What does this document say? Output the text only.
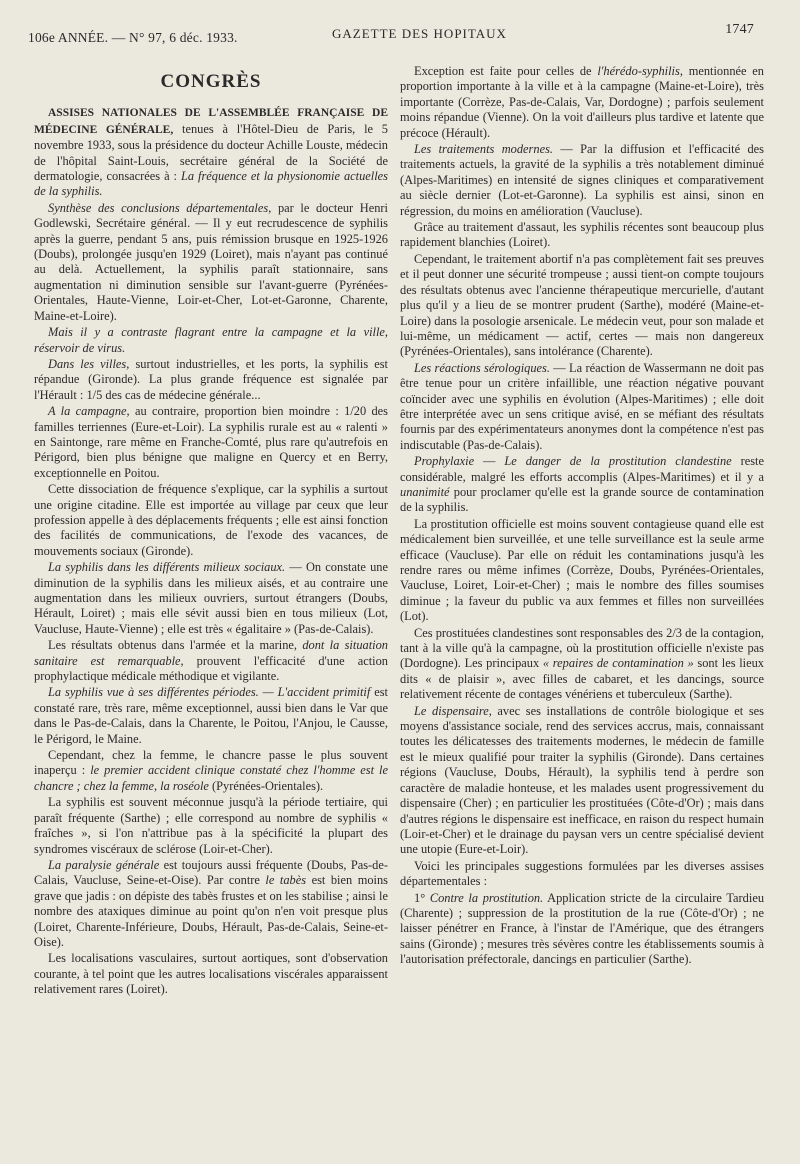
106e ANNÉE. — N° 97, 6 déc. 1933.	GAZETTE DES HOPITAUX	1747
CONGRÈS

ASSISES NATIONALES DE L'ASSEMBLÉE FRANÇAISE DE MÉDECINE GÉNÉRALE, tenues à l'Hôtel-Dieu de Paris, le 5 novembre 1933, sous la présidence du docteur Achille Louste, médecin de l'hôpital Saint-Louis, secrétaire général de la Société de dermatologie, consacrées à : La fréquence et la physionomie actuelles de la syphilis.

Synthèse des conclusions départementales, par le docteur Henri Godlewski, Secrétaire général. — Il y eut recrudescence de syphilis après la guerre, pendant 5 ans, puis rémission brusque en 1925-1926 (Doubs), prolongée jusqu'en 1929 (Loiret), mais n'ayant pas continué au delà. Actuellement, la syphilis paraît stationnaire, sans augmentation ni diminution sensible sur l'avant-guerre (Pyrénées-Orientales, Haute-Vienne, Loir-et-Cher, Lot-et-Garonne, Charente, Maine-et-Loire).

Mais il y a contraste flagrant entre la campagne et la ville, réservoir de virus.

Dans les villes, surtout industrielles, et les ports, la syphilis est répandue (Gironde). La plus grande fréquence est signalée par l'Hérault : 1/5 des cas de médecine générale...

A la campagne, au contraire, proportion bien moindre : 1/20 des familles terriennes (Eure-et-Loir). La syphilis rurale est au « ralenti » en Saintonge, rare même en Franche-Comté, plus rare qu'autrefois en Périgord, bien plus bénigne que maligne en Quercy et en Berry, exceptionnelle en Poitou.

Cette dissociation de fréquence s'explique, car la syphilis a surtout une origine citadine. Elle est importée au village par ceux que leur profession appelle à des déplacements fréquents ; elle est ainsi fonction des facilités de communications, de l'exode des vacances, de mouvements sociaux (Gironde).

La syphilis dans les différents milieux sociaux. — On constate une diminution de la syphilis dans les milieux aisés, et au contraire une augmentation dans les milieux ouvriers, surtout étrangers (Doubs, Hérault, Loiret) ; mais elle sévit aussi bien en tous milieux (Lot, Vaucluse, Haute-Vienne) ; elle est très « égalitaire » (Pas-de-Calais).

Les résultats obtenus dans l'armée et la marine, dont la situation sanitaire est remarquable, prouvent l'efficacité d'une action prophylactique médicale méthodique et vigilante.

La syphilis vue à ses différentes périodes. — L'accident primitif est constaté rare, très rare, même exceptionnel, aussi bien dans le Var que dans le Pas-de-Calais, dans la Charente, le Poitou, l'Anjou, le Causse, le Périgord, le Maine.

Cependant, chez la femme, le chancre passe le plus souvent inaperçu : le premier accident clinique constaté chez l'homme est le chancre ; chez la femme, la roséole (Pyrénées-Orientales).

La syphilis est souvent méconnue jusqu'à la période tertiaire, qui paraît fréquente (Sarthe) ; elle correspond au nombre de syphilis « fraîches », si l'on n'attribue pas à la spécificité la plupart des syndromes viscéraux de sclérose (Loir-et-Cher).

La paralysie générale est toujours aussi fréquente (Doubs, Pas-de-Calais, Vaucluse, Seine-et-Oise). Par contre le tabès est bien moins grave que jadis : on dépiste des tabès frustes et on les stabilise ; ainsi le nombre des ataxiques diminue au point qu'on n'en voit presque plus (Loiret, Charente-Inférieure, Doubs, Hérault, Pas-de-Calais, Seine-et-Oise).

Les localisations vasculaires, surtout aortiques, sont d'observation courante, à tel point que les autres localisations viscérales apparaissent relativement rares (Loiret).

Exception est faite pour celles de l'hérédo-syphilis, mentionnée en proportion importante à la ville et à la campagne (Maine-et-Loire), très importante (Corrèze, Pas-de-Calais, Var, Dordogne) ; parfois seulement moins répandue (Vienne). On la voit d'ailleurs plus tardive et latente que précoce (Hérault).

Les traitements modernes. — Par la diffusion et l'efficacité des traitements actuels, la gravité de la syphilis a très notablement diminué (Alpes-Maritimes) en intensité de signes cliniques et comparativement au siècle dernier (Lot-et-Garonne). La syphilis est ainsi, sinon en régression, du moins en amélioration (Vaucluse).

Grâce au traitement d'assaut, les syphilis récentes sont beaucoup plus rapidement blanchies (Loiret).

Cependant, le traitement abortif n'a pas complètement fait ses preuves et il peut donner une sécurité trompeuse ; aussi tient-on compte toujours des résultats obtenus avec l'ancienne thérapeutique mercurielle, d'autant plus qu'il y a lieu de se montrer prudent (Sarthe), modéré (Maine-et-Loire) dans la posologie arsenicale. Le médecin veut, pour son malade et lui-même, un médicament — actif, certes — mais non dangereux (Pyrénées-Orientales), sans intolérance (Charente).

Les réactions sérologiques. — La réaction de Wassermann ne doit pas être tenue pour un critère infaillible, une réaction négative pouvant coïncider avec une syphilis en évolution (Alpes-Maritimes) ; elle doit être interprétée avec un sens critique avisé, en se méfiant des résultats fournis par des expérimentateurs anonymes dont la compétence n'est pas indiscutable (Pas-de-Calais).

Prophylaxie — Le danger de la prostitution clandestine reste considérable, malgré les efforts accomplis (Alpes-Maritimes) et il y a unanimité pour proclamer qu'elle est la grande source de contamination de la syphilis.

La prostitution officielle est moins souvent contagieuse quand elle est médicalement bien surveillée, et une telle surveillance est la seule arme efficace (Vaucluse). Par elle on réduit les contaminations jusqu'à les rendre rares ou même infimes (Corrèze, Doubs, Pyrénées-Orientales, Vaucluse, Loiret, Loir-et-Cher) ; mais le nombre des filles soumises diminue ; la faveur du public va aux femmes et filles non surveillées (Lot).

Ces prostituées clandestines sont responsables des 2/3 de la contagion, tant à la ville qu'à la campagne, où la prostitution officielle n'existe pas (Dordogne). Les principaux « repaires de contamination » sont les lieux dits « de plaisir », avec filles de cabaret, et les dancings, source relativement récente de contages vénériens et tuberculeux (Sarthe).

Le dispensaire, avec ses installations de contrôle biologique et ses moyens d'assistance sociale, rend des services accrus, mais, connaissant toutes les délicatesses des traitements modernes, le médecin de famille est le mieux qualifié pour traiter la syphilis (Gironde). Dans certaines régions (Vaucluse, Doubs, Hérault), la syphilis tend à perdre son caractère de maladie honteuse, et les malades usent progressivement du dispensaire (Cher) ; en particulier les prostituées (Côte-d'Or) ; mais dans d'autres régions le dispensaire est inefficace, en raison du respect humain (Loir-et-Cher) et le drainage du paysan vers un centre spécialisé devient une utopie (Eure-et-Loir).

Voici les principales suggestions formulées par les diverses assises départementales :

1° Contre la prostitution. Application stricte de la circulaire Tardieu (Charente) ; suppression de la prostitution de la rue (Côte-d'Or) ; ne laisser pénétrer en France, à l'instar de l'Amérique, que des étrangers sains (Gironde) ; mesures très sévères contre les établissements soumis à l'autorisation préfectorale, dancings en particulier (Sarthe).
